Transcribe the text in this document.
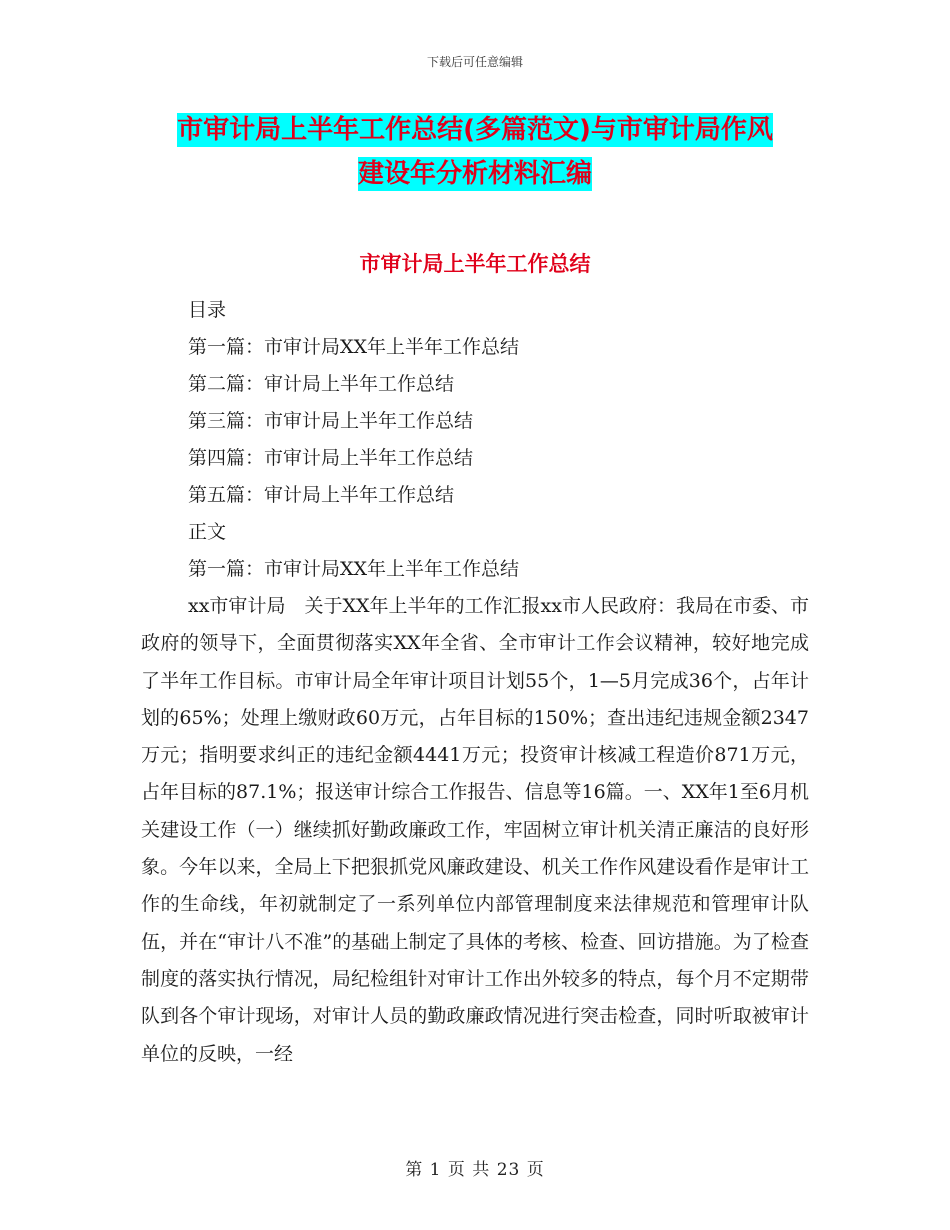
下载后可任意编辑
市审计局上半年工作总结(多篇范文)与市审计局作风
建设年分析材料汇编
市审计局上半年工作总结
目录
第一篇：市审计局XX年上半年工作总结
第二篇：审计局上半年工作总结
第三篇：市审计局上半年工作总结
第四篇：市审计局上半年工作总结
第五篇：审计局上半年工作总结
正文
第一篇：市审计局XX年上半年工作总结

xx市审计局　关于XX年上半年的工作汇报xx市人民政府：我局在市委、市政府的领导下，全面贯彻落实XX年全省、全市审计工作会议精神，较好地完成了半年工作目标。市审计局全年审计项目计划55个，1—5月完成36个，占年计划的65%；处理上缴财政60万元，占年目标的150%；查出违纪违规金额2347万元；指明要求纠正的违纪金额4441万元；投资审计核减工程造价871万元，占年目标的87.1%；报送审计综合工作报告、信息等16篇。一、XX年1至6月机关建设工作（一）继续抓好勤政廉政工作，牢固树立审计机关清正廉洁的良好形象。今年以来，全局上下把狠抓党风廉政建设、机关工作作风建设看作是审计工作的生命线，年初就制定了一系列单位内部管理制度来法律规范和管理审计队伍，并在“审计八不准”的基础上制定了具体的考核、检查、回访措施。为了检查制度的落实执行情况，局纪检组针对审计工作出外较多的特点，每个月不定期带队到各个审计现场，对审计人员的勤政廉政情况进行突击检查，同时听取被审计单位的反映，一经

第 1 页 共 23 页
